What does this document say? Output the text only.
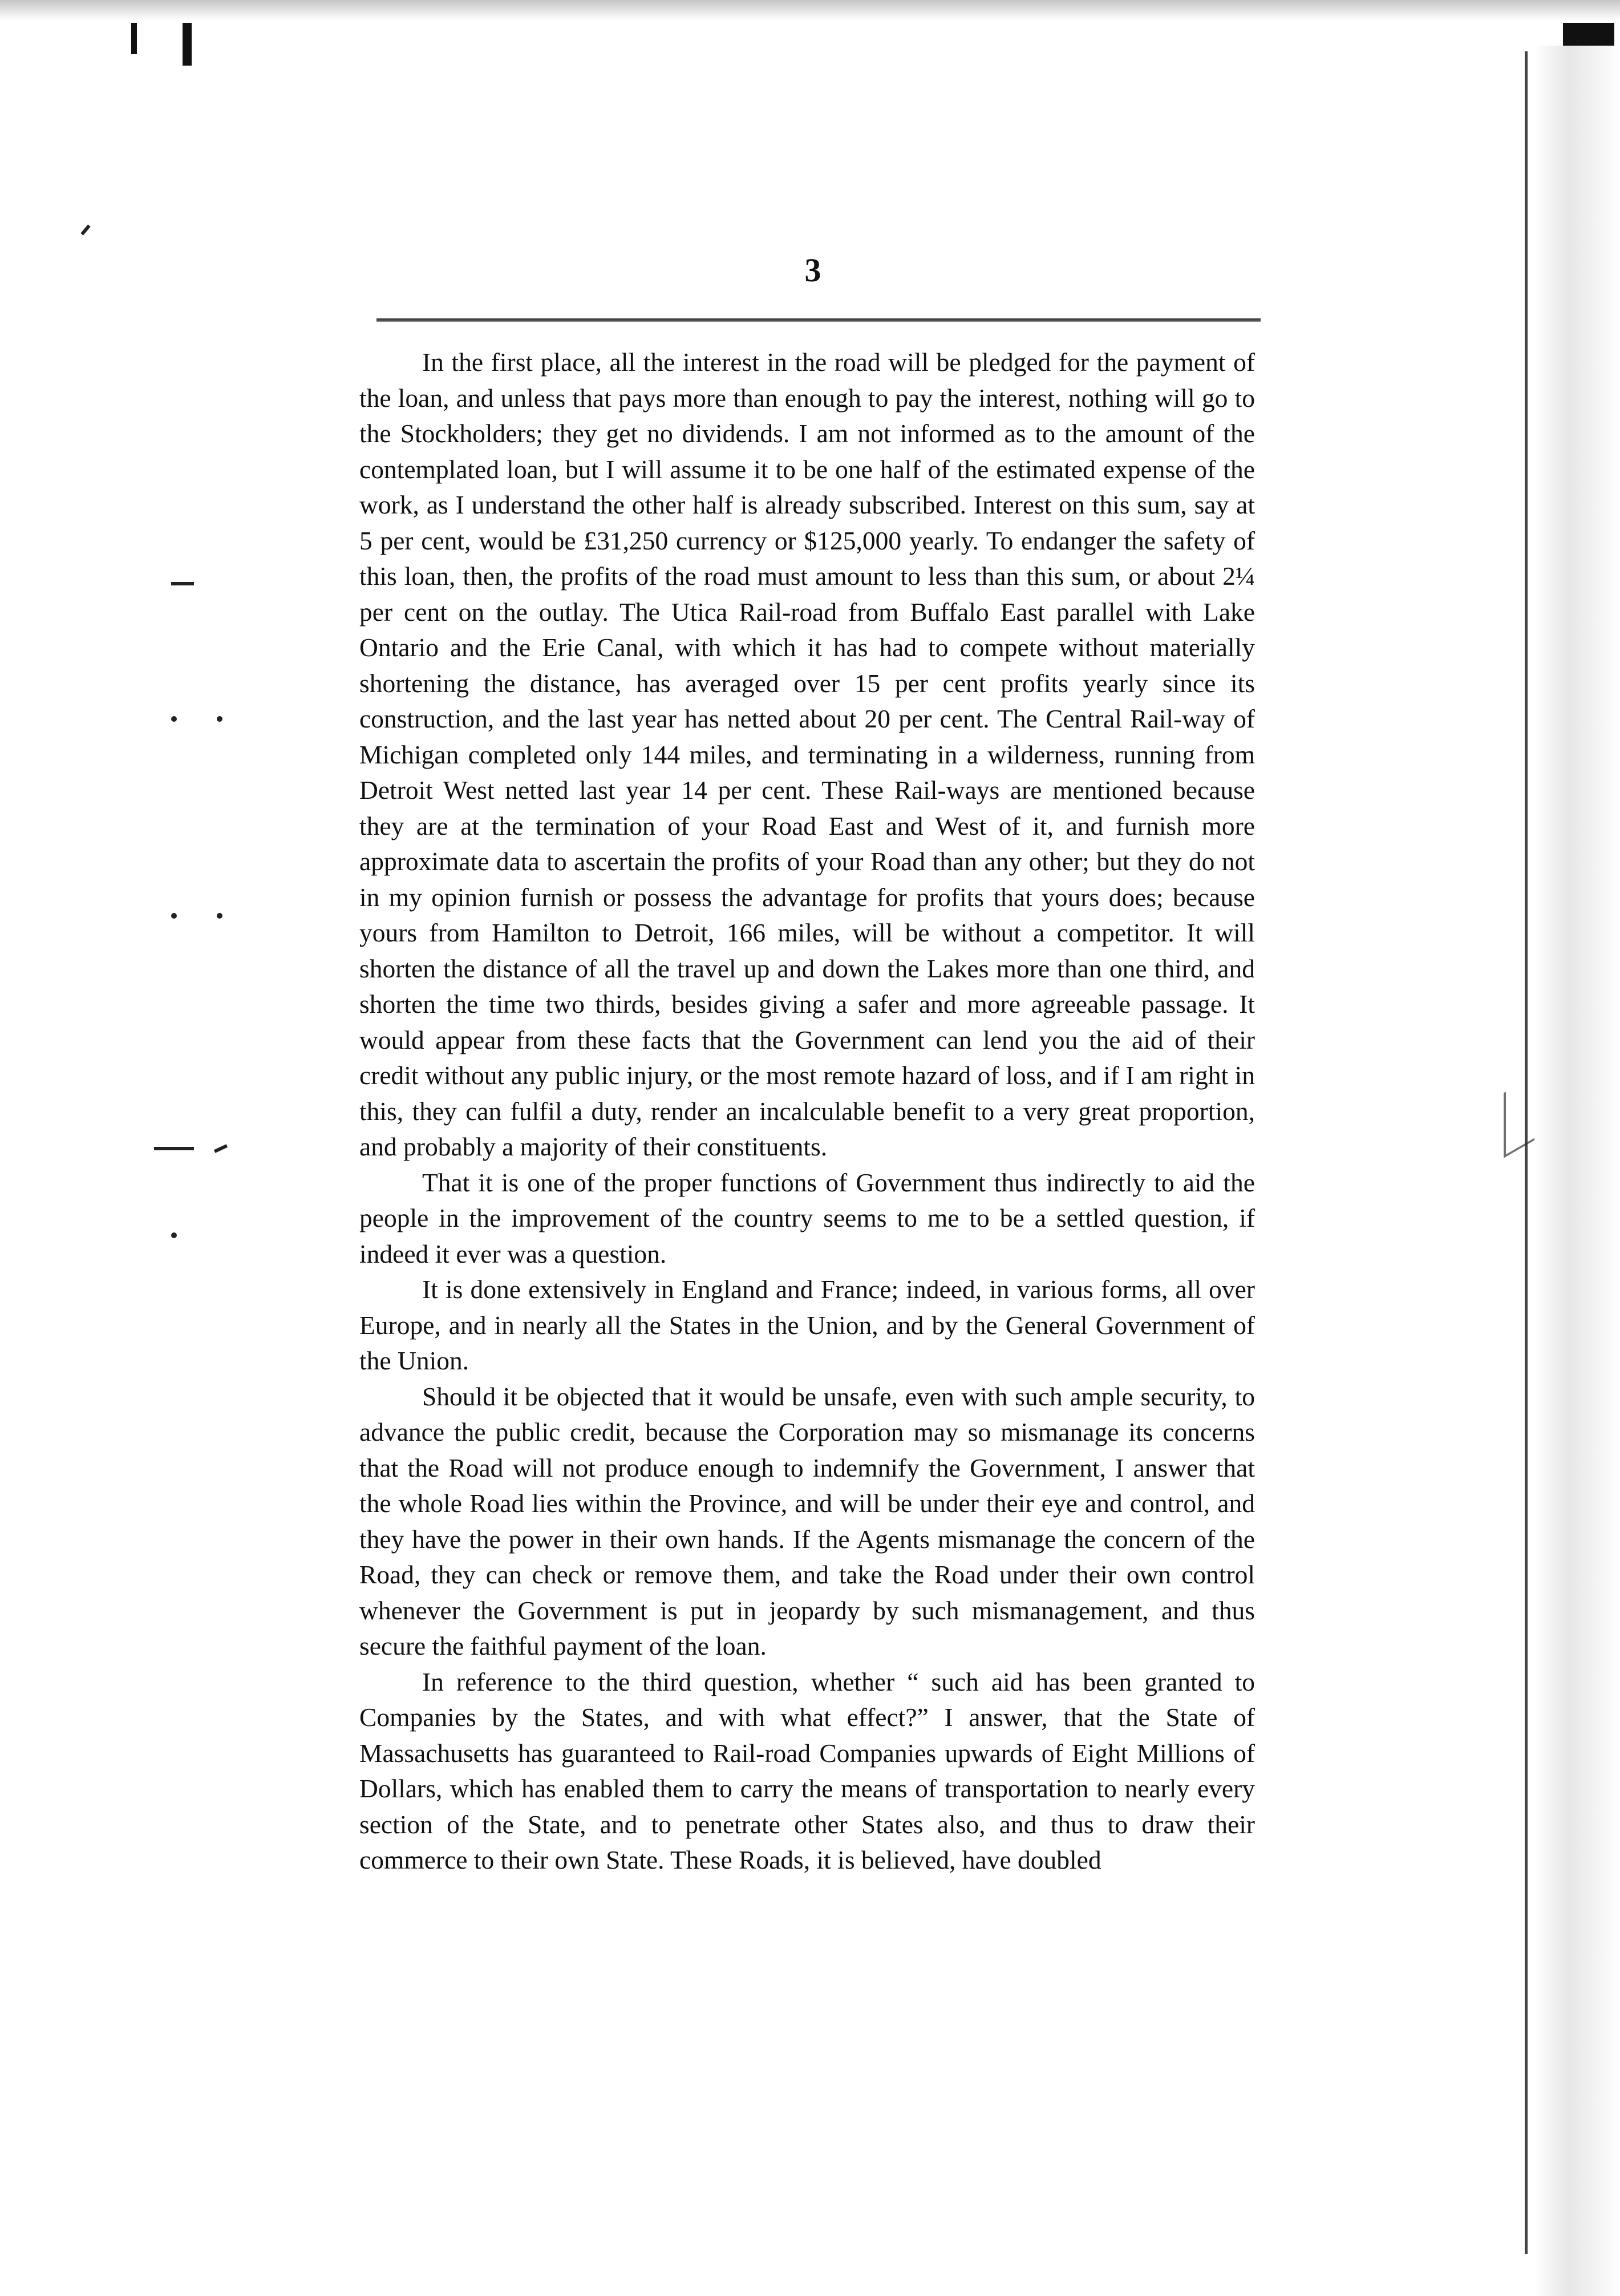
3

In the first place, all the interest in the road will be pledged for the payment of the loan, and unless that pays more than enough to pay the interest, nothing will go to the Stockholders; they get no dividends. I am not informed as to the amount of the contemplated loan, but I will assume it to be one half of the estimated expense of the work, as I understand the other half is already subscribed. Interest on this sum, say at 5 per cent, would be £31,250 currency or $125,000 yearly. To endanger the safety of this loan, then, the profits of the road must amount to less than this sum, or about 2¼ per cent on the outlay. The Utica Rail-road from Buffalo East parallel with Lake Ontario and the Erie Canal, with which it has had to compete without materially shortening the distance, has averaged over 15 per cent profits yearly since its construction, and the last year has netted about 20 per cent. The Central Rail-way of Michigan completed only 144 miles, and terminating in a wilderness, running from Detroit West netted last year 14 per cent. These Rail-ways are mentioned because they are at the termination of your Road East and West of it, and furnish more approximate data to ascertain the profits of your Road than any other; but they do not in my opinion furnish or possess the advantage for profits that yours does; because yours from Hamilton to Detroit, 166 miles, will be without a competitor. It will shorten the distance of all the travel up and down the Lakes more than one third, and shorten the time two thirds, besides giving a safer and more agreeable passage. It would appear from these facts that the Government can lend you the aid of their credit without any public injury, or the most remote hazard of loss, and if I am right in this, they can fulfil a duty, render an incalculable benefit to a very great proportion, and probably a majority of their constituents.

That it is one of the proper functions of Government thus indirectly to aid the people in the improvement of the country seems to me to be a settled question, if indeed it ever was a question.

It is done extensively in England and France; indeed, in various forms, all over Europe, and in nearly all the States in the Union, and by the General Government of the Union.

Should it be objected that it would be unsafe, even with such ample security, to advance the public credit, because the Corporation may so mismanage its concerns that the Road will not produce enough to indemnify the Government, I answer that the whole Road lies within the Province, and will be under their eye and control, and they have the power in their own hands. If the Agents mismanage the concern of the Road, they can check or remove them, and take the Road under their own control whenever the Government is put in jeopardy by such mismanagement, and thus secure the faithful payment of the loan.

In reference to the third question, whether “ such aid has been granted to Companies by the States, and with what effect?” I answer, that the State of Massachusetts has guaranteed to Rail-road Companies upwards of Eight Millions of Dollars, which has enabled them to carry the means of transportation to nearly every section of the State, and to penetrate other States also, and thus to draw their commerce to their own State. These Roads, it is believed, have doubled
